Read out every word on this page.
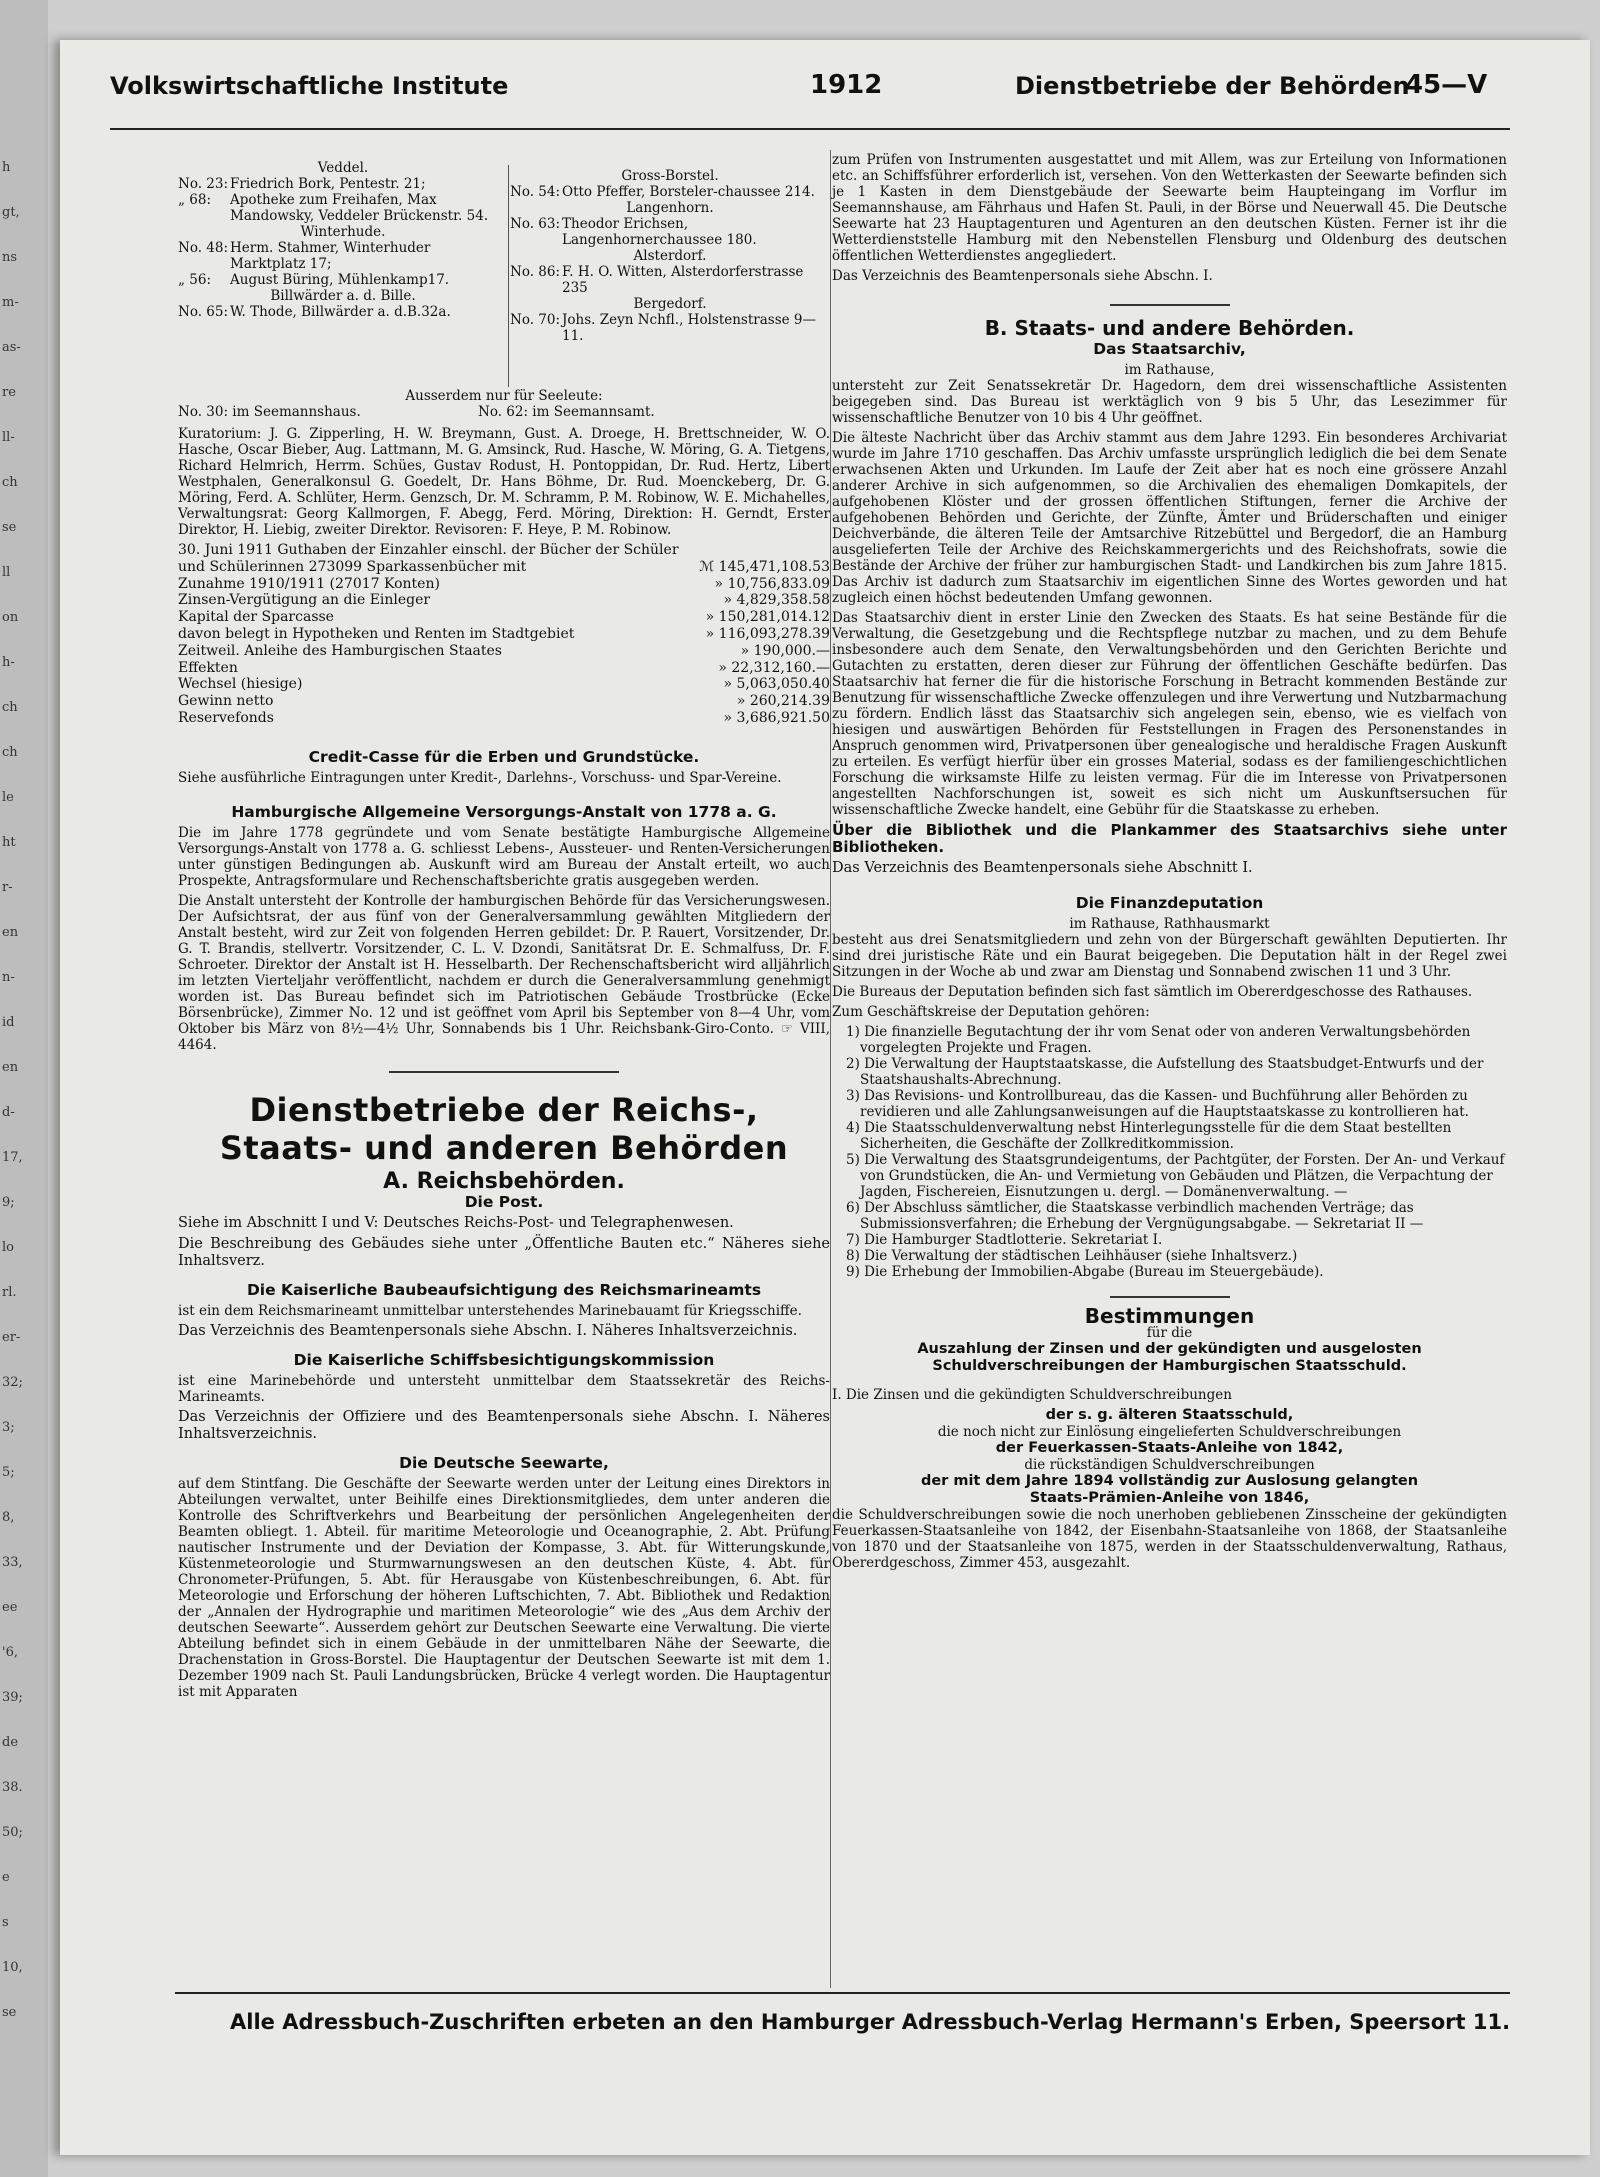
h
gt,
ns
m-
as-
re
ll-
ch
se
ll
on
h-
ch
ch
le
ht
r-
en
n-
id
en
d-
17,
9;
lo
rl.
er-
32;
3;
5;
8,
33,
ee
'6,
39;
de
38.
50;
e
s
10,
se
Volkswirtschaftliche Institute	1912	Dienstbetriebe der Behörden
45—V
Veddel.
No. 23: Friedrich Bork, Pentestr. 21;
„ 68:	Apotheke zum Freihafen, Max Mandowsky, Veddeler Brückenstr. 54.
Winterhude.
No. 48: Herm. Stahmer, Winterhuder Marktplatz 17;
„ 56:	August Büring, Mühlenkamp17.
Billwärder a. d. Bille.
No. 65: W. Thode, Billwärder a. d.B.32a.
Gross-Borstel.
No. 54: Otto Pfeffer, Borsteler-chaussee 214.
Langenhorn.
No. 63: Theodor Erichsen, Langenhornerchaussee 180.
Alsterdorf.
No. 86: F. H. O. Witten, Alsterdorferstrasse 235
Bergedorf.
No. 70: Johs. Zeyn Nchfl., Holstenstrasse 9—11.
Ausserdem nur für Seeleute:
No. 30: im Seemannshaus.	No. 62: im Seemannsamt.

Kuratorium: J. G. Zipperling, H. W. Breymann, Gust. A. Droege, H. Brettschneider, W. O. Hasche, Oscar Bieber, Aug. Lattmann, M. G. Amsinck, Rud. Hasche, W. Möring, G. A. Tietgens, Richard Helmrich, Herrm. Schües, Gustav Rodust, H. Pontoppidan, Dr. Rud. Hertz, Libert Westphalen, Generalkonsul G. Goedelt, Dr. Hans Böhme, Dr. Rud. Moenckeberg, Dr. G. Möring, Ferd. A. Schlüter, Herm. Genzsch, Dr. M. Schramm, P. M. Robinow, W. E. Michahelles, Verwaltungsrat: Georg Kallmorgen, F. Abegg, Ferd. Möring, Direktion: H. Gerndt, Erster Direktor, H. Liebig, zweiter Direktor. Revisoren: F. Heye, P. M. Robinow.

30. Juni 1911 Guthaben der Einzahler einschl. der Bücher der Schüler und Schülerinnen 273099 Sparkassenbücher mit	ℳ 145,471,108.53
Zunahme 1910/1911 (27017 Konten)	» 10,756,833.09
Zinsen-Vergütigung an die Einleger	» 4,829,358.58
Kapital der Sparcasse	» 150,281,014.12
davon belegt in Hypotheken und Renten im Stadtgebiet	» 116,093,278.39
Zeitweil. Anleihe des Hamburgischen Staates	» 190,000.—
Effekten	» 22,312,160.—
Wechsel (hiesige)	» 5,063,050.40
Gewinn netto	» 260,214.39
Reservefonds	» 3,686,921.50
Credit-Casse für die Erben und Grundstücke.

Siehe ausführliche Eintragungen unter Kredit-, Darlehns-, Vorschuss- und Spar-Vereine.

Hamburgische Allgemeine Versorgungs-Anstalt von 1778 a. G.

Die im Jahre 1778 gegründete und vom Senate bestätigte Hamburgische Allgemeine Versorgungs-Anstalt von 1778 a. G. schliesst Lebens-, Aussteuer- und Renten-Versicherungen unter günstigen Bedingungen ab. Auskunft wird am Bureau der Anstalt erteilt, wo auch Prospekte, Antragsformulare und Rechenschaftsberichte gratis ausgegeben werden.

Die Anstalt untersteht der Kontrolle der hamburgischen Behörde für das Versicherungswesen. Der Aufsichtsrat, der aus fünf von der Generalversammlung gewählten Mitgliedern der Anstalt besteht, wird zur Zeit von folgenden Herren gebildet: Dr. P. Rauert, Vorsitzender, Dr. G. T. Brandis, stellvertr. Vorsitzender, C. L. V. Dzondi, Sanitätsrat Dr. E. Schmalfuss, Dr. F. Schroeter. Direktor der Anstalt ist H. Hesselbarth. Der Rechenschaftsbericht wird alljährlich im letzten Vierteljahr veröffentlicht, nachdem er durch die Generalversammlung genehmigt worden ist. Das Bureau befindet sich im Patriotischen Gebäude Trostbrücke (Ecke Börsenbrücke), Zimmer No. 12 und ist geöffnet vom April bis September von 8—4 Uhr, vom Oktober bis März von 8½—4½ Uhr, Sonnabends bis 1 Uhr. Reichsbank-Giro-Conto. ☞ VIII, 4464.

Dienstbetriebe der Reichs-,
Staats- und anderen Behörden
A. Reichsbehörden.
Die Post.

Siehe im Abschnitt I und V: Deutsches Reichs-Post- und Telegraphenwesen.

Die Beschreibung des Gebäudes siehe unter „Öffentliche Bauten etc.“ Näheres siehe Inhaltsverz.

Die Kaiserliche Baubeaufsichtigung des Reichsmarineamts

ist ein dem Reichsmarineamt unmittelbar unterstehendes Marinebauamt für Kriegsschiffe.

Das Verzeichnis des Beamtenpersonals siehe Abschn. I. Näheres Inhaltsverzeichnis.

Die Kaiserliche Schiffsbesichtigungskommission

ist eine Marinebehörde und untersteht unmittelbar dem Staatssekretär des Reichs-Marineamts.

Das Verzeichnis der Offiziere und des Beamtenpersonals siehe Abschn. I. Näheres Inhaltsverzeichnis.

Die Deutsche Seewarte,

auf dem Stintfang. Die Geschäfte der Seewarte werden unter der Leitung eines Direktors in Abteilungen verwaltet, unter Beihilfe eines Direktionsmitgliedes, dem unter anderen die Kontrolle des Schriftverkehrs und Bearbeitung der persönlichen Angelegenheiten der Beamten obliegt. 1. Abteil. für maritime Meteorologie und Oceanographie, 2. Abt. Prüfung nautischer Instrumente und der Deviation der Kompasse, 3. Abt. für Witterungskunde, Küstenmeteorologie und Sturmwarnungswesen an den deutschen Küste, 4. Abt. für Chronometer-Prüfungen, 5. Abt. für Herausgabe von Küstenbeschreibungen, 6. Abt. für Meteorologie und Erforschung der höheren Luftschichten, 7. Abt. Bibliothek und Redaktion der „Annalen der Hydrographie und maritimen Meteorologie“ wie des „Aus dem Archiv der deutschen Seewarte“. Ausserdem gehört zur Deutschen Seewarte eine Verwaltung. Die vierte Abteilung befindet sich in einem Gebäude in der unmittelbaren Nähe der Seewarte, die Drachenstation in Gross-Borstel. Die Hauptagentur der Deutschen Seewarte ist mit dem 1. Dezember 1909 nach St. Pauli Landungsbrücken, Brücke 4 verlegt worden. Die Hauptagentur ist mit Apparaten

zum Prüfen von Instrumenten ausgestattet und mit Allem, was zur Erteilung von Informationen etc. an Schiffsführer erforderlich ist, versehen. Von den Wetterkasten der Seewarte befinden sich je 1 Kasten in dem Dienstgebäude der Seewarte beim Haupteingang im Vorflur im Seemannshause, am Fährhaus und Hafen St. Pauli, in der Börse und Neuerwall 45. Die Deutsche Seewarte hat 23 Hauptagenturen und Agenturen an den deutschen Küsten. Ferner ist ihr die Wetterdienststelle Hamburg mit den Nebenstellen Flensburg und Oldenburg des deutschen öffentlichen Wetterdienstes angegliedert.

Das Verzeichnis des Beamtenpersonals siehe Abschn. I.

B. Staats- und andere Behörden.
Das Staatsarchiv,
im Rathause,

untersteht zur Zeit Senatssekretär Dr. Hagedorn, dem drei wissenschaftliche Assistenten beigegeben sind. Das Bureau ist werktäglich von 9 bis 5 Uhr, das Lesezimmer für wissenschaftliche Benutzer von 10 bis 4 Uhr geöffnet.

Die älteste Nachricht über das Archiv stammt aus dem Jahre 1293. Ein besonderes Archivariat wurde im Jahre 1710 geschaffen. Das Archiv umfasste ursprünglich lediglich die bei dem Senate erwachsenen Akten und Urkunden. Im Laufe der Zeit aber hat es noch eine grössere Anzahl anderer Archive in sich aufgenommen, so die Archivalien des ehemaligen Domkapitels, der aufgehobenen Klöster und der grossen öffentlichen Stiftungen, ferner die Archive der aufgehobenen Behörden und Gerichte, der Zünfte, Ämter und Brüderschaften und einiger Deichverbände, die älteren Teile der Amtsarchive Ritzebüttel und Bergedorf, die an Hamburg ausgelieferten Teile der Archive des Reichskammergerichts und des Reichshofrats, sowie die Bestände der Archive der früher zur hamburgischen Stadt- und Landkirchen bis zum Jahre 1815. Das Archiv ist dadurch zum Staatsarchiv im eigentlichen Sinne des Wortes geworden und hat zugleich einen höchst bedeutenden Umfang gewonnen.

Das Staatsarchiv dient in erster Linie den Zwecken des Staats. Es hat seine Bestände für die Verwaltung, die Gesetzgebung und die Rechtspflege nutzbar zu machen, und zu dem Behufe insbesondere auch dem Senate, den Verwaltungsbehörden und den Gerichten Berichte und Gutachten zu erstatten, deren dieser zur Führung der öffentlichen Geschäfte bedürfen. Das Staatsarchiv hat ferner die für die historische Forschung in Betracht kommenden Bestände zur Benutzung für wissenschaftliche Zwecke offenzulegen und ihre Verwertung und Nutzbarmachung zu fördern. Endlich lässt das Staatsarchiv sich angelegen sein, ebenso, wie es vielfach von hiesigen und auswärtigen Behörden für Feststellungen in Fragen des Personenstandes in Anspruch genommen wird, Privatpersonen über genealogische und heraldische Fragen Auskunft zu erteilen. Es verfügt hierfür über ein grosses Material, sodass es der familiengeschichtlichen Forschung die wirksamste Hilfe zu leisten vermag. Für die im Interesse von Privatpersonen angestellten Nachforschungen ist, soweit es sich nicht um Auskunftsersuchen für wissenschaftliche Zwecke handelt, eine Gebühr für die Staatskasse zu erheben.

Über die Bibliothek und die Plankammer des Staatsarchivs siehe unter Bibliotheken.

Das Verzeichnis des Beamtenpersonals siehe Abschnitt I.

Die Finanzdeputation
im Rathause, Rathhausmarkt

besteht aus drei Senatsmitgliedern und zehn von der Bürgerschaft gewählten Deputierten. Ihr sind drei juristische Räte und ein Baurat beigegeben. Die Deputation hält in der Regel zwei Sitzungen in der Woche ab und zwar am Dienstag und Sonnabend zwischen 11 und 3 Uhr.

Die Bureaus der Deputation befinden sich fast sämtlich im Obererdgeschosse des Rathauses.

Zum Geschäftskreise der Deputation gehören:

1) Die finanzielle Begutachtung der ihr vom Senat oder von anderen Verwaltungsbehörden vorgelegten Projekte und Fragen.
2) Die Verwaltung der Hauptstaatskasse, die Aufstellung des Staatsbudget-Entwurfs und der Staatshaushalts-Abrechnung.
3) Das Revisions- und Kontrollbureau, das die Kassen- und Buchführung aller Behörden zu revidieren und alle Zahlungsanweisungen auf die Hauptstaatskasse zu kontrollieren hat.
4) Die Staatsschuldenverwaltung nebst Hinterlegungsstelle für die dem Staat bestellten Sicherheiten, die Geschäfte der Zollkreditkommission.
5) Die Verwaltung des Staatsgrundeigentums, der Pachtgüter, der Forsten. Der An- und Verkauf von Grundstücken, die An- und Vermietung von Gebäuden und Plätzen, die Verpachtung der Jagden, Fischereien, Eisnutzungen u. dergl. — Domänenverwaltung. —
6) Der Abschluss sämtlicher, die Staatskasse verbindlich machenden Verträge; das Submissionsverfahren; die Erhebung der Vergnügungsabgabe. — Sekretariat II —
7) Die Hamburger Stadtlotterie. Sekretariat I.
8) Die Verwaltung der städtischen Leihhäuser (siehe Inhaltsverz.)
9) Die Erhebung der Immobilien-Abgabe (Bureau im Steuergebäude).
Bestimmungen
für die
Auszahlung der Zinsen und der gekündigten und ausgelosten
Schuldverschreibungen der Hamburgischen Staatsschuld.

I. Die Zinsen und die gekündigten Schuldverschreibungen

der s. g. älteren Staatsschuld,
die noch nicht zur Einlösung eingelieferten Schuldverschreibungen
der Feuerkassen-Staats-Anleihe von 1842,
die rückständigen Schuldverschreibungen
der mit dem Jahre 1894 vollständig zur Auslosung gelangten
Staats-Prämien-Anleihe von 1846,

die Schuldverschreibungen sowie die noch unerhoben gebliebenen Zinsscheine der gekündigten Feuerkassen-Staatsanleihe von 1842, der Eisenbahn-Staatsanleihe von 1868, der Staatsanleihe von 1870 und der Staatsanleihe von 1875, werden in der Staatsschuldenverwaltung, Rathaus, Obererdgeschoss, Zimmer 453, ausgezahlt.

Alle Adressbuch-Zuschriften erbeten an den Hamburger Adressbuch-Verlag Hermann's Erben, Speersort 11.
